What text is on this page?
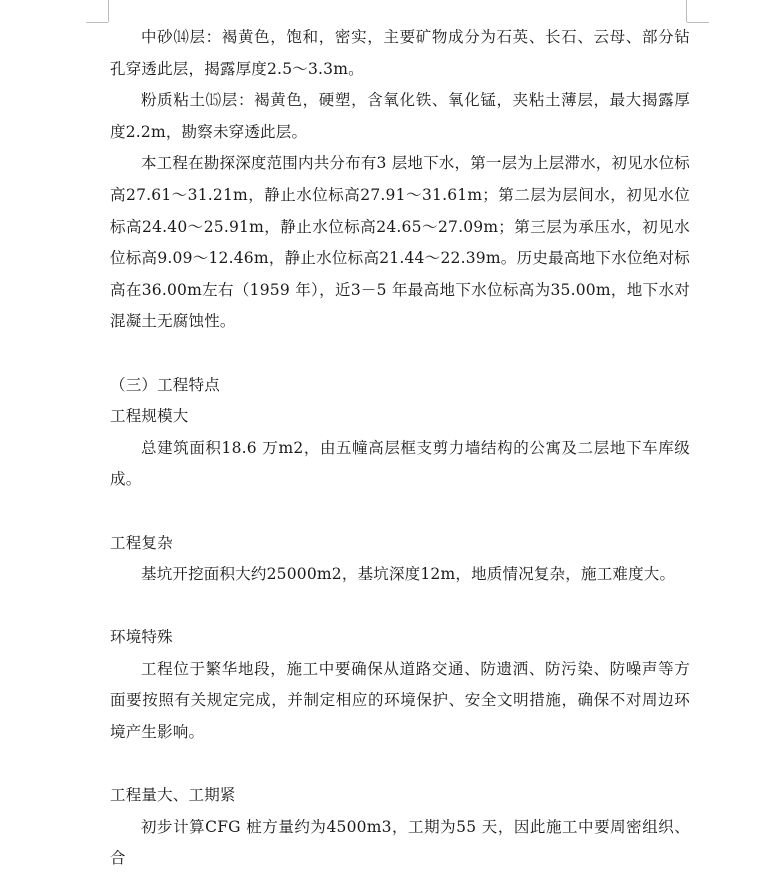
中砂⒁层：褐黄色，饱和，密实，主要矿物成分为石英、长石、云母、部分钻孔穿透此层，揭露厚度2.5～3.3m。

粉质粘土⒂层：褐黄色，硬塑，含氧化铁、氧化锰，夹粘土薄层，最大揭露厚度2.2m，勘察未穿透此层。

本工程在勘探深度范围内共分布有3 层地下水，第一层为上层滞水，初见水位标高27.61～31.21m，静止水位标高27.91～31.61m；第二层为层间水，初见水位标高24.40～25.91m，静止水位标高24.65～27.09m；第三层为承压水，初见水位标高9.09～12.46m，静止水位标高21.44～22.39m。历史最高地下水位绝对标高在36.00m左右（1959 年），近3－5 年最高地下水位标高为35.00m，地下水对混凝土无腐蚀性。

（三）工程特点

工程规模大

总建筑面积18.6 万m2，由五幢高层框支剪力墙结构的公寓及二层地下车库级成。

工程复杂

基坑开挖面积大约25000m2，基坑深度12m，地质情况复杂，施工难度大。

环境特殊

工程位于繁华地段，施工中要确保从道路交通、防遗洒、防污染、防噪声等方面要按照有关规定完成，并制定相应的环境保护、安全文明措施，确保不对周边环境产生影响。

工程量大、工期紧

初步计算CFG 桩方量约为4500m3，工期为55 天，因此施工中要周密组织、合
